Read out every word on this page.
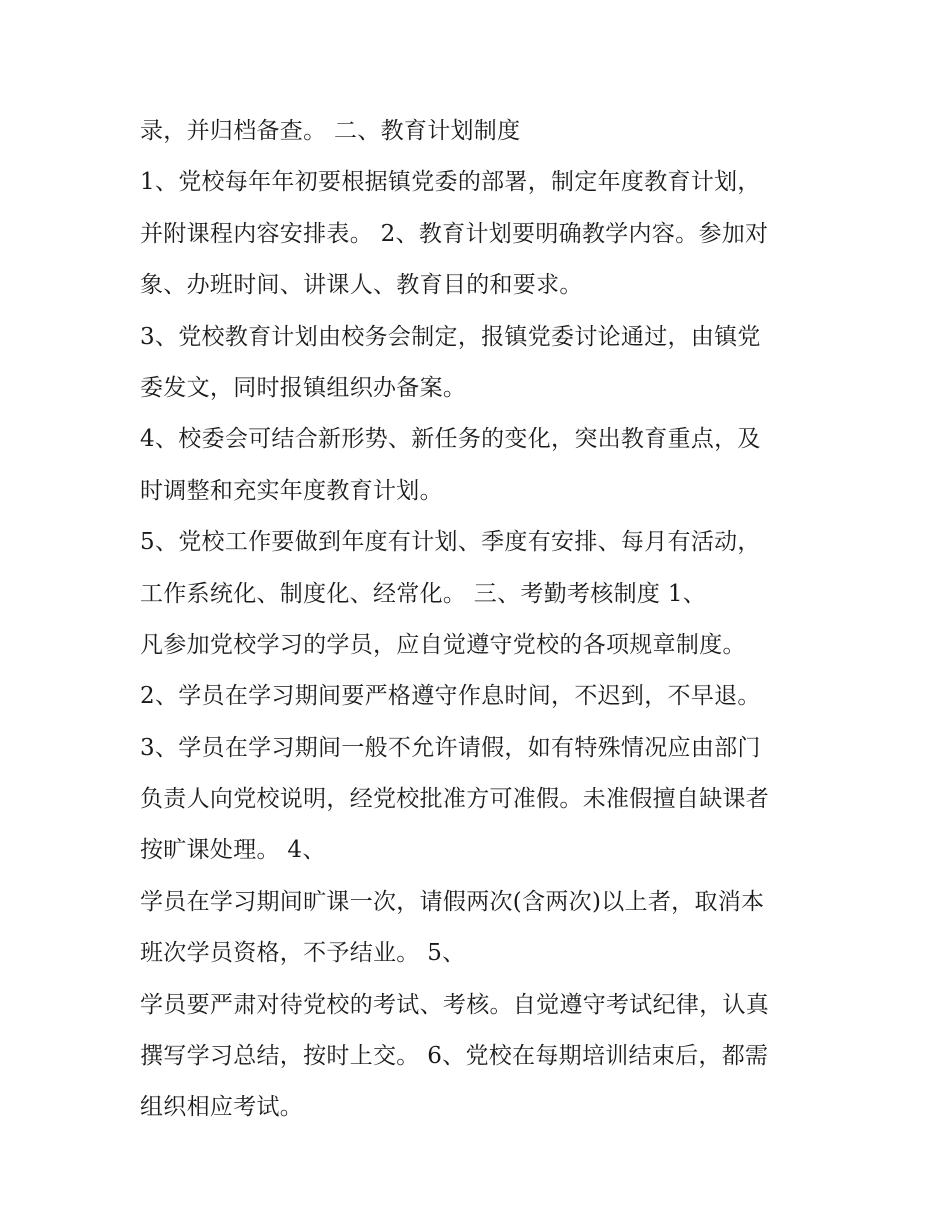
录，并归档备查。 二、教育计划制度
1、党校每年年初要根据镇党委的部署，制定年度教育计划，
并附课程内容安排表。 2、教育计划要明确教学内容。参加对
象、办班时间、讲课人、教育目的和要求。
3、党校教育计划由校务会制定，报镇党委讨论通过，由镇党
委发文，同时报镇组织办备案。
4、校委会可结合新形势、新任务的变化，突出教育重点，及
时调整和充实年度教育计划。
5、党校工作要做到年度有计划、季度有安排、每月有活动，
工作系统化、制度化、经常化。 三、考勤考核制度 1、
凡参加党校学习的学员，应自觉遵守党校的各项规章制度。
2、学员在学习期间要严格遵守作息时间，不迟到，不早退。
3、学员在学习期间一般不允许请假，如有特殊情况应由部门
负责人向党校说明，经党校批准方可准假。未准假擅自缺课者
按旷课处理。 4、
学员在学习期间旷课一次，请假两次(含两次)以上者，取消本
班次学员资格，不予结业。 5、
学员要严肃对待党校的考试、考核。自觉遵守考试纪律，认真
撰写学习总结，按时上交。 6、党校在每期培训结束后，都需
组织相应考试。
